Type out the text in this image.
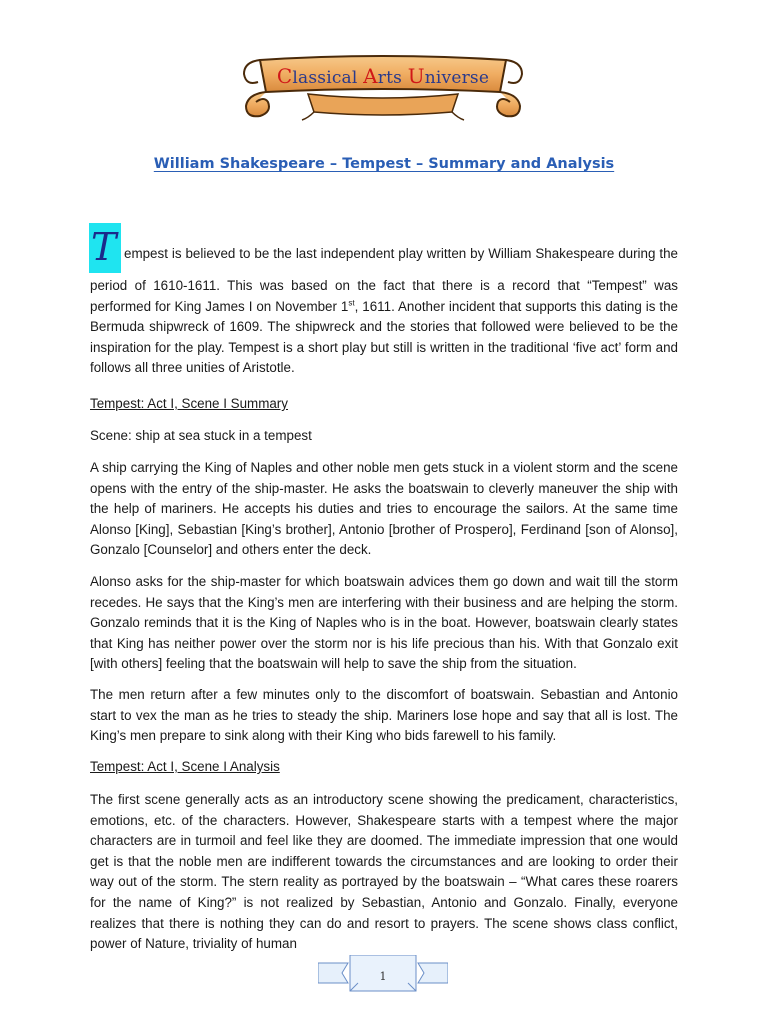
Classical Arts Universe
William Shakespeare – Tempest – Summary and Analysis
T empest is believed to be the last independent play written by William Shakespeare during the
period of 1610-1611. This was based on the fact that there is a record that “Tempest” was performed for King James I on November 1st, 1611. Another incident that supports this dating is the Bermuda shipwreck of 1609. The shipwreck and the stories that followed were believed to be the inspiration for the play. Tempest is a short play but still is written in the traditional ‘five act’ form and follows all three unities of Aristotle.
Tempest: Act I, Scene I Summary
Scene: ship at sea stuck in a tempest
A ship carrying the King of Naples and other noble men gets stuck in a violent storm and the scene opens with the entry of the ship-master. He asks the boatswain to cleverly maneuver the ship with the help of mariners. He accepts his duties and tries to encourage the sailors. At the same time Alonso [King], Sebastian [King’s brother], Antonio [brother of Prospero], Ferdinand [son of Alonso], Gonzalo [Counselor] and others enter the deck.
Alonso asks for the ship-master for which boatswain advices them go down and wait till the storm recedes. He says that the King’s men are interfering with their business and are helping the storm. Gonzalo reminds that it is the King of Naples who is in the boat. However, boatswain clearly states that King has neither power over the storm nor is his life precious than his. With that Gonzalo exit [with others] feeling that the boatswain will help to save the ship from the situation.
The men return after a few minutes only to the discomfort of boatswain. Sebastian and Antonio start to vex the man as he tries to steady the ship. Mariners lose hope and say that all is lost. The King’s men prepare to sink along with their King who bids farewell to his family.
Tempest: Act I, Scene I Analysis
The first scene generally acts as an introductory scene showing the predicament, characteristics, emotions, etc. of the characters. However, Shakespeare starts with a tempest where the major characters are in turmoil and feel like they are doomed. The immediate impression that one would get is that the noble men are indifferent towards the circumstances and are looking to order their way out of the storm. The stern reality as portrayed by the boatswain – “What cares these roarers for the name of King?” is not realized by Sebastian, Antonio and Gonzalo. Finally, everyone realizes that there is nothing they can do and resort to prayers. The scene shows class conflict, power of Nature, triviality of human
1
